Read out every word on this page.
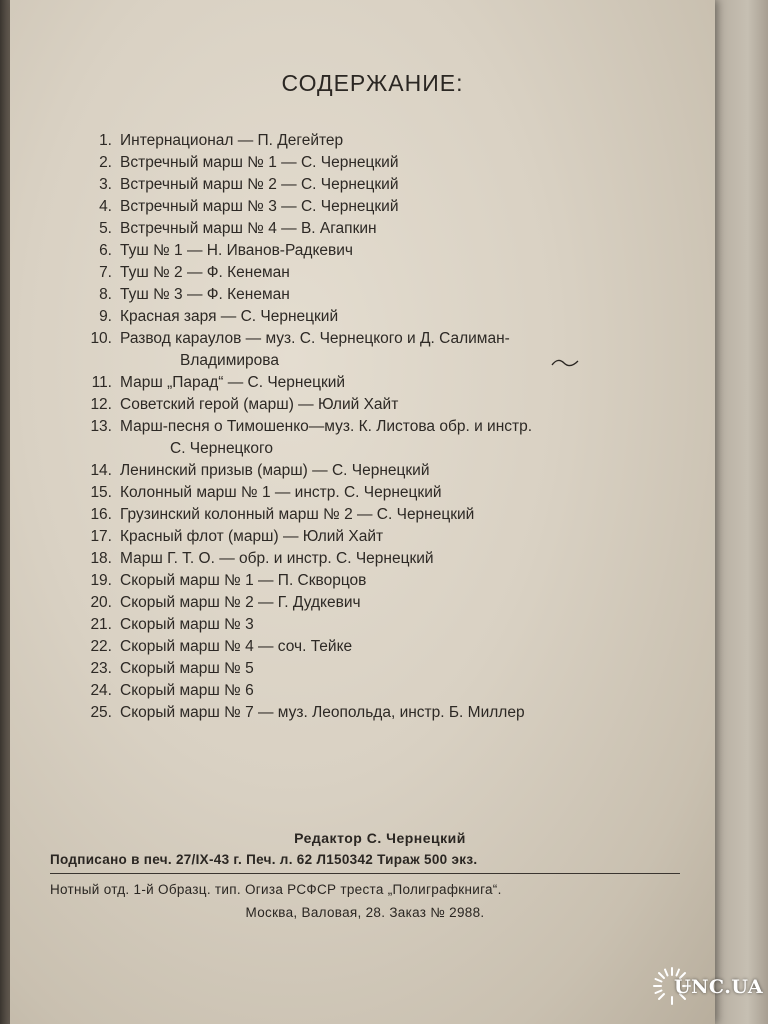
СОДЕРЖАНИЕ:
1. Интернационал — П. Дегейтер
2. Встречный марш № 1 — С. Чернецкий
3. Встречный марш № 2 — С. Чернецкий
4. Встречный марш № 3 — С. Чернецкий
5. Встречный марш № 4 — В. Агапкин
6. Туш № 1 — Н. Иванов-Радкевич
7. Туш № 2 — Ф. Кенеман
8. Туш № 3 — Ф. Кенеман
9. Красная заря — С. Чернецкий
10. Развод караулов — муз. С. Чернецкого и Д. Салиман-
Владимирова
11. Марш „Парад“ — С. Чернецкий
12. Советский герой (марш) — Юлий Хайт
13. Марш-песня о Тимошенко—муз. К. Листова обр. и инстр.
С. Чернецкого
14. Ленинский призыв (марш) — С. Чернецкий
15. Колонный марш № 1 — инстр. С. Чернецкий
16. Грузинский колонный марш № 2 — С. Чернецкий
17. Красный флот (марш) — Юлий Хайт
18. Марш Г. Т. О. — обр. и инстр. С. Чернецкий
19. Скорый марш № 1 — П. Скворцов
20. Скорый марш № 2 — Г. Дудкевич
21. Скорый марш № 3
22. Скорый марш № 4 — соч. Тейке
23. Скорый марш № 5
24. Скорый марш № 6
25. Скорый марш № 7 — муз. Леопольда, инстр. Б. Миллер
Редактор С. Чернецкий
Подписано в печ. 27/IX-43 г. Печ. л. 62 Л150342 Тираж 500 экз.
Нотный отд. 1-й Образц. тип. Огиза РСФСР треста „Полиграфкнига“.
Москва, Валовая, 28. Заказ № 2988.
UNC.UA
